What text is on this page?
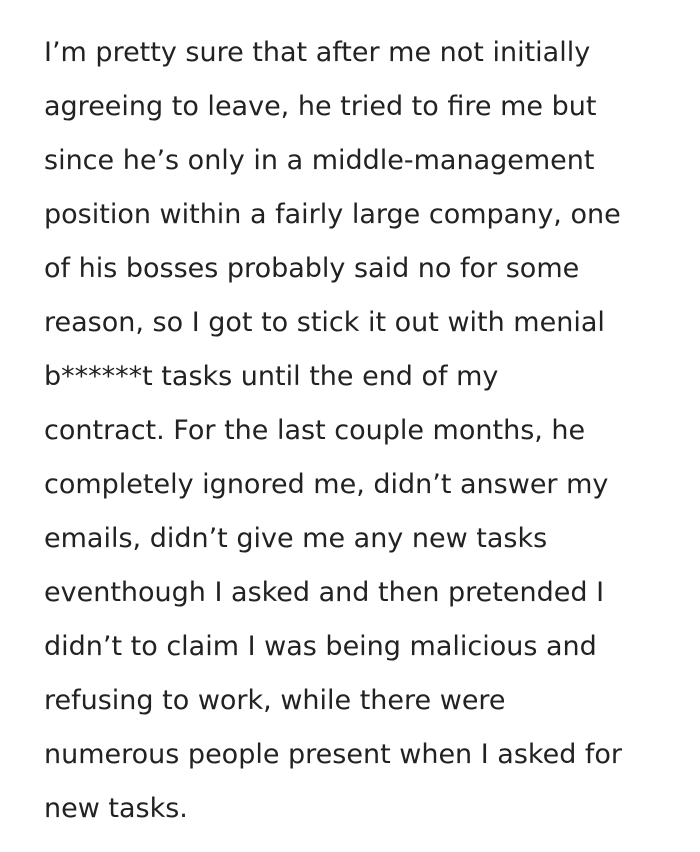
I’m pretty sure that after me not initially
agreeing to leave, he tried to fire me but
since he’s only in a middle-management
position within a fairly large company, one
of his bosses probably said no for some
reason, so I got to stick it out with menial
b******t tasks until the end of my
contract. For the last couple months, he
completely ignored me, didn’t answer my
emails, didn’t give me any new tasks
eventhough I asked and then pretended I
didn’t to claim I was being malicious and
refusing to work, while there were
numerous people present when I asked for
new tasks.
